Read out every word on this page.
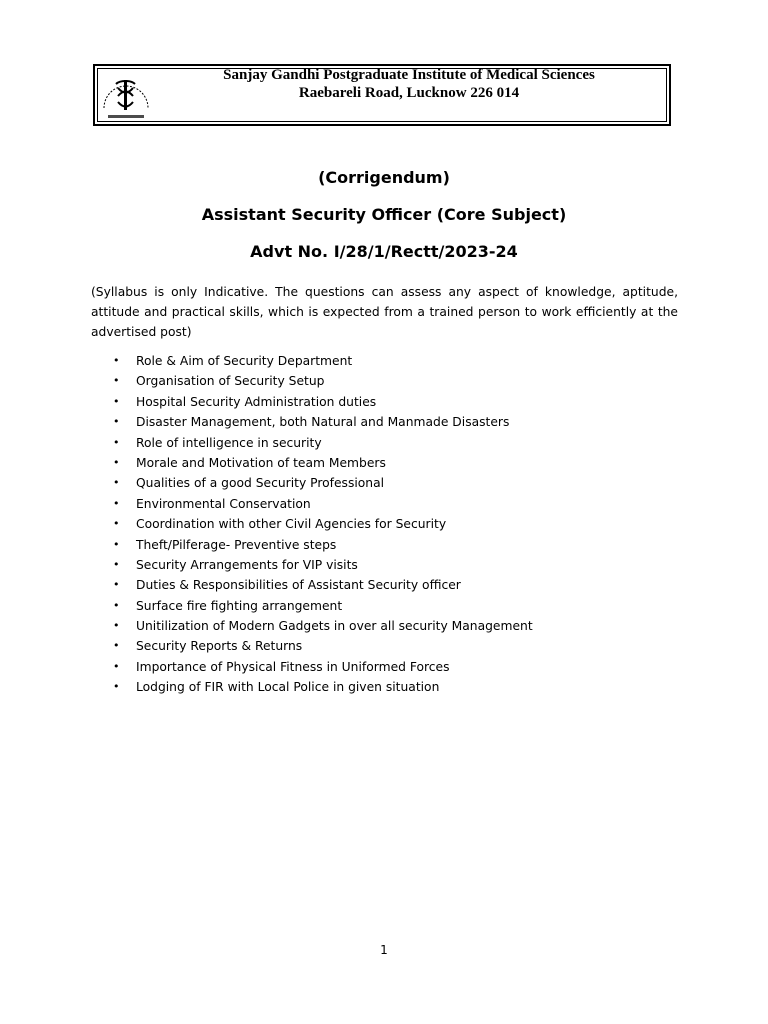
Sanjay Gandhi Postgraduate Institute of Medical Sciences
Raebareli Road, Lucknow 226 014
(Corrigendum)
Assistant Security Officer (Core Subject)
Advt No. I/28/1/Rectt/2023-24
(Syllabus is only Indicative. The questions can assess any aspect of knowledge, aptitude, attitude and practical skills, which is expected from a trained person to work efficiently at the advertised post)
• Role & Aim of Security Department
• Organisation of Security Setup
• Hospital Security Administration duties
• Disaster Management, both Natural and Manmade Disasters
• Role of intelligence in security
• Morale and Motivation of team Members
• Qualities of a good Security Professional
• Environmental Conservation
• Coordination with other Civil Agencies for Security
• Theft/Pilferage- Preventive steps
• Security Arrangements for VIP visits
• Duties & Responsibilities of Assistant Security officer
• Surface fire fighting arrangement
• Unitilization of Modern Gadgets in over all security Management
• Security Reports & Returns
• Importance of Physical Fitness in Uniformed Forces
• Lodging of FIR with Local Police in given situation
1
